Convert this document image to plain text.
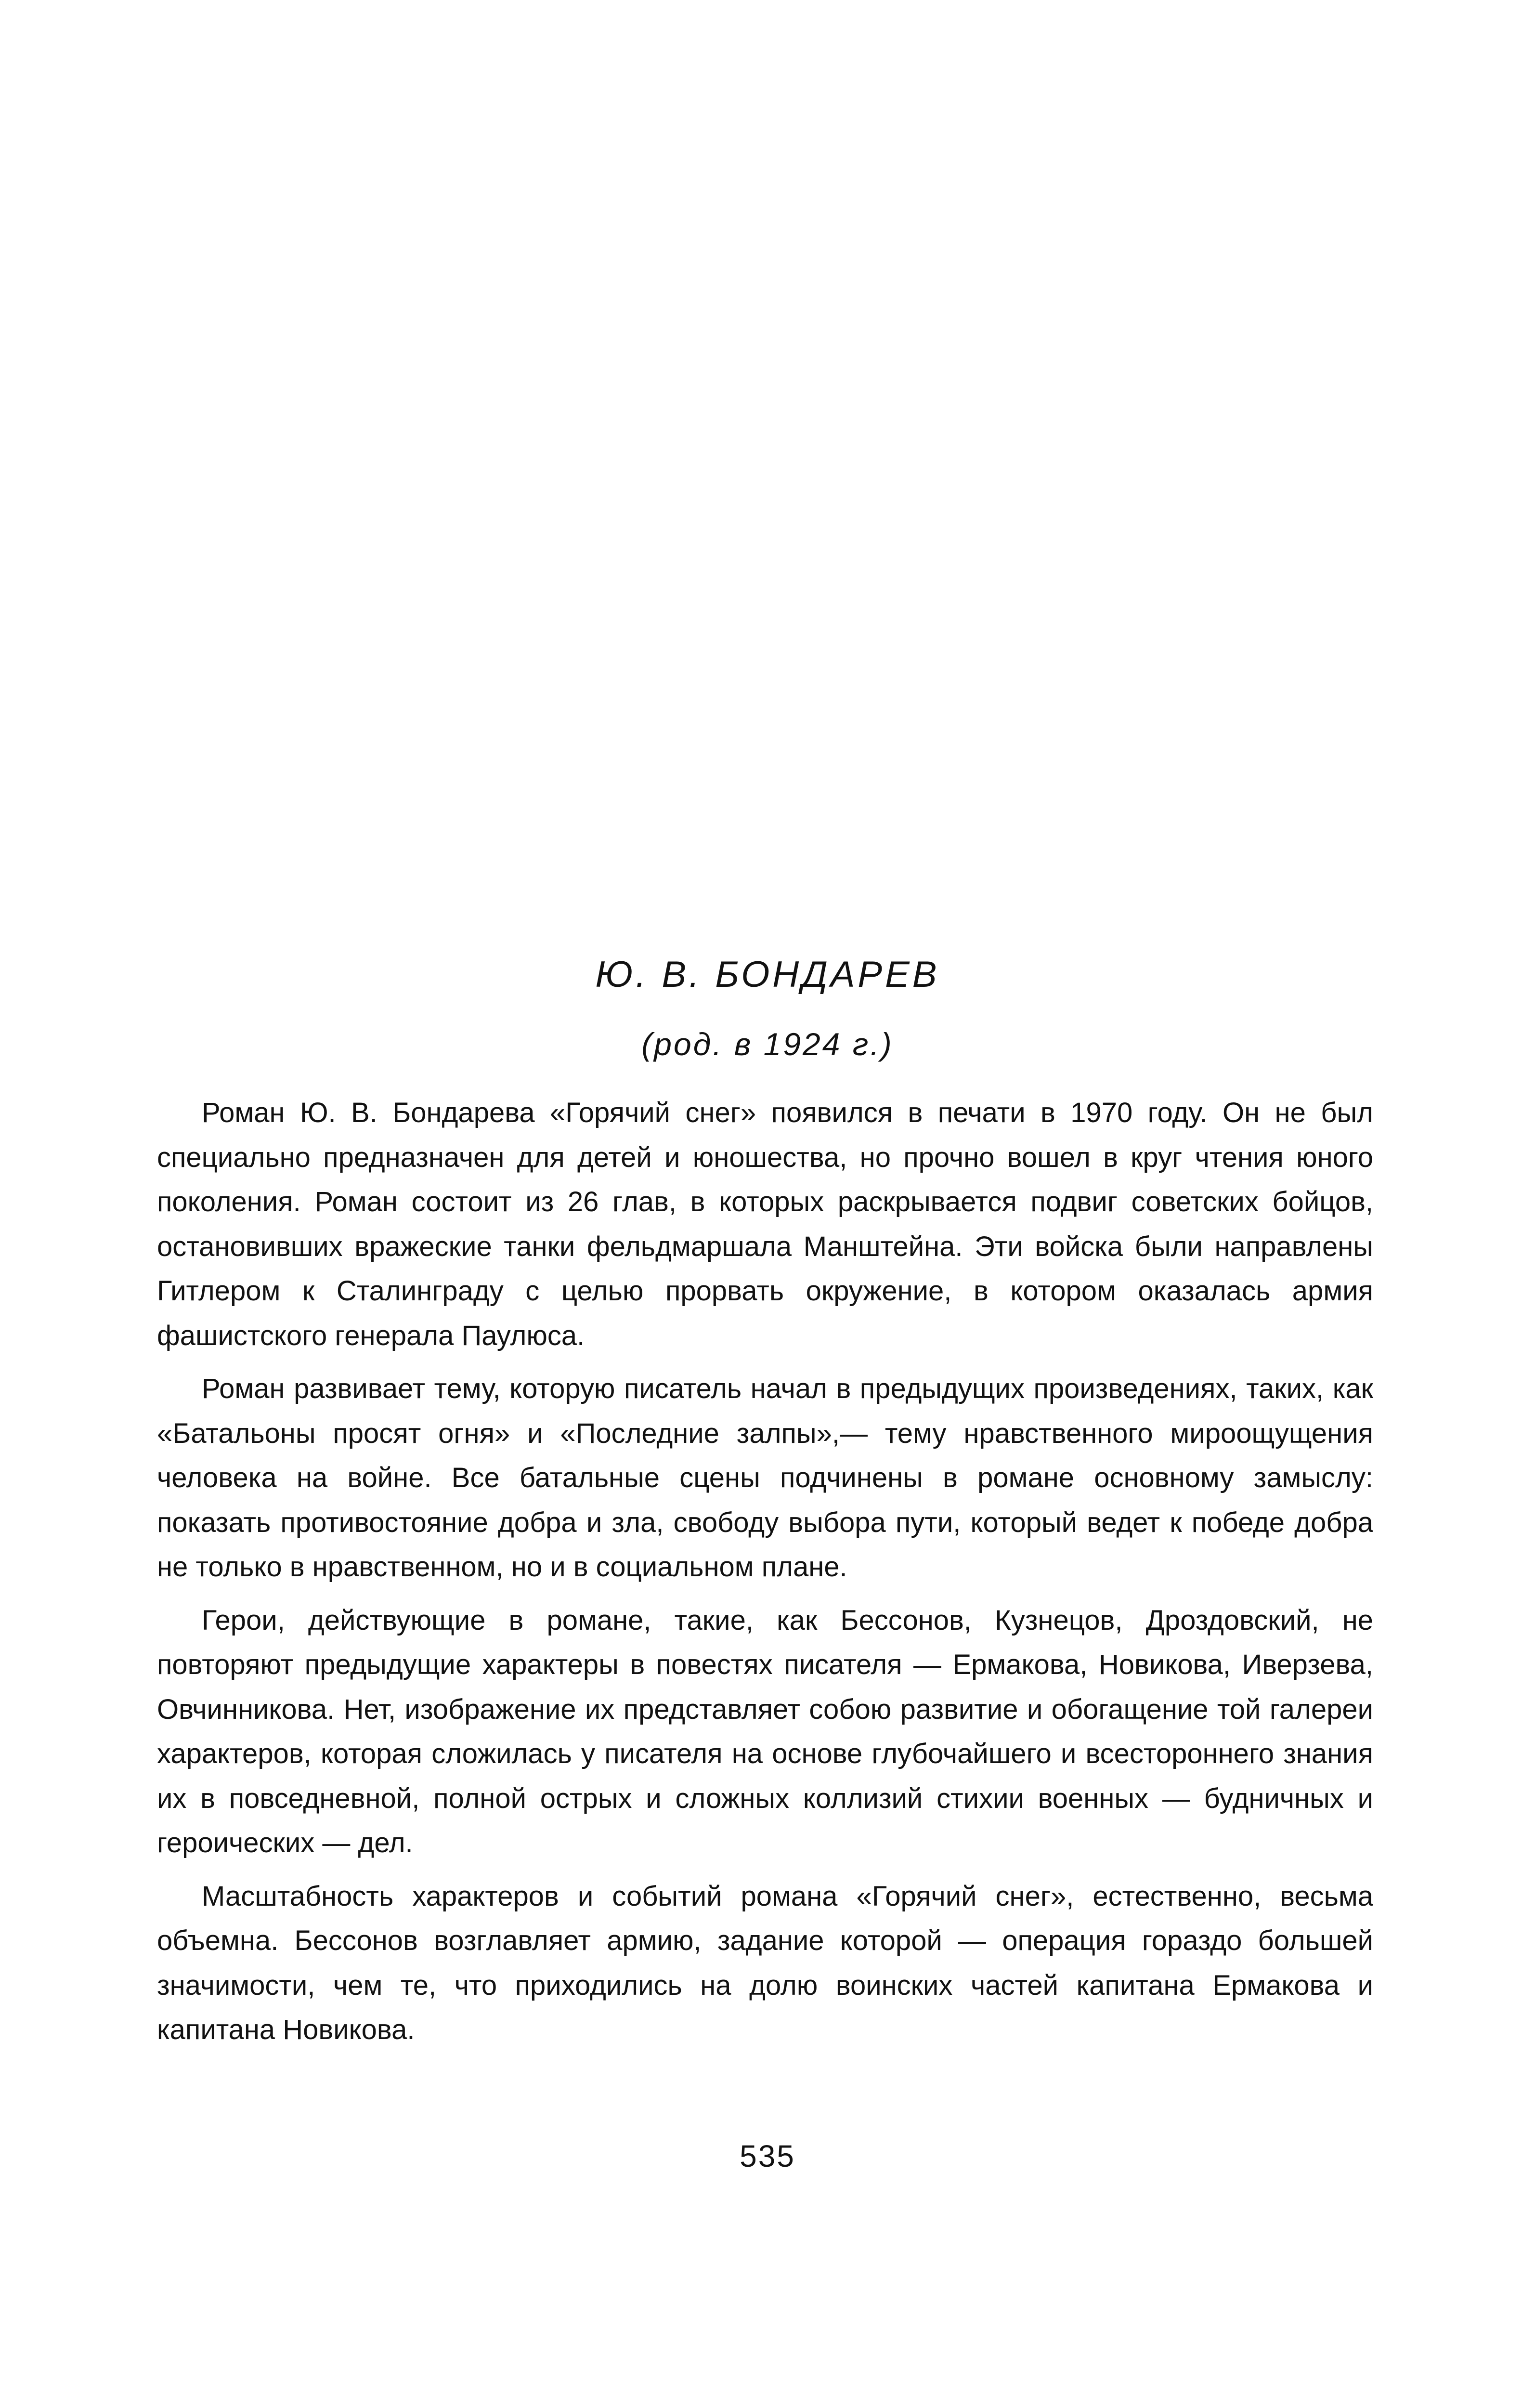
Ю. В. БОНДАРЕВ
(род. в 1924 г.)

Роман Ю. В. Бондарева «Горячий снег» появился в печати в 1970 году. Он не был специально предназначен для детей и юношества, но прочно вошел в круг чтения юного поколения. Роман состоит из 26 глав, в которых раскрывается подвиг советских бойцов, остановивших вражеские танки фельдмаршала Манштейна. Эти войска были направлены Гитлером к Сталинграду с целью прорвать окружение, в котором оказалась армия фашистского генерала Паулюса.

Роман развивает тему, которую писатель начал в предыдущих произведениях, таких, как «Батальоны просят огня» и «Последние залпы»,— тему нравственного мироощущения человека на войне. Все батальные сцены подчинены в романе основному замыслу: показать противостояние добра и зла, свободу выбора пути, который ведет к победе добра не только в нравственном, но и в социальном плане.

Герои, действующие в романе, такие, как Бессонов, Кузнецов, Дроздовский, не повторяют предыдущие характеры в повестях писателя — Ермакова, Новикова, Иверзева, Овчинникова. Нет, изображение их представляет собою развитие и обогащение той галереи характеров, которая сложилась у писателя на основе глубочайшего и всестороннего знания их в повседневной, полной острых и сложных коллизий стихии военных — будничных и героических — дел.

Масштабность характеров и событий романа «Горячий снег», естественно, весьма объемна. Бессонов возглавляет армию, задание которой — операция гораздо большей значимости, чем те, что приходились на долю воинских частей капитана Ермакова и капитана Новикова.

535
